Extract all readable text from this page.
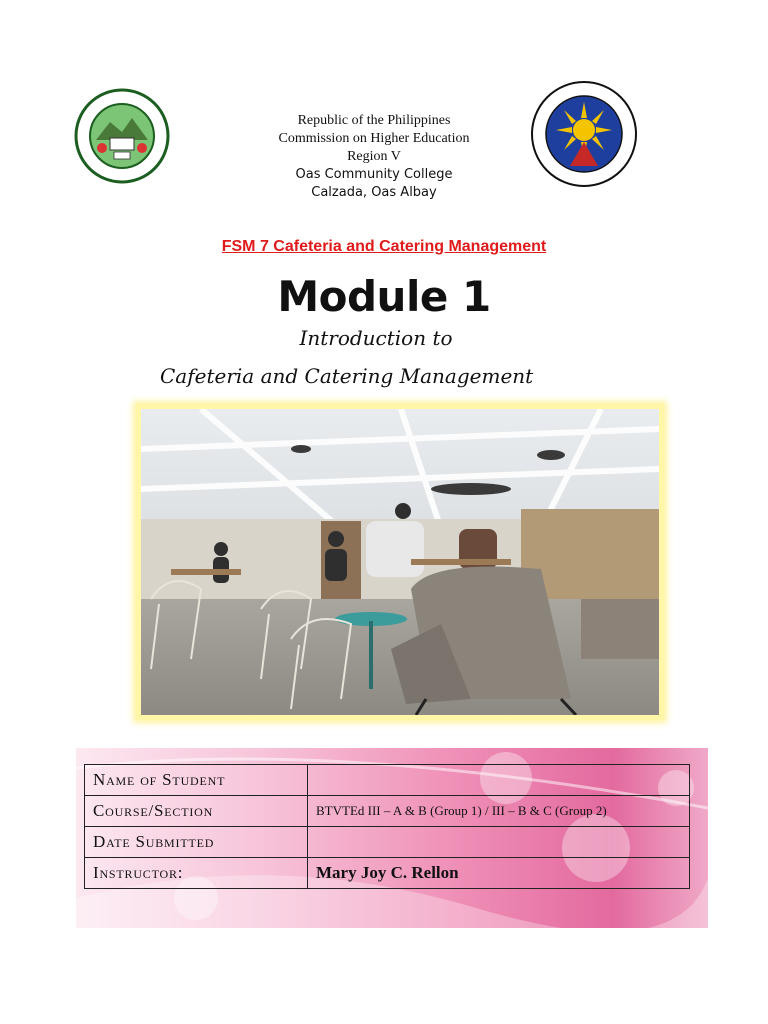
Republic of the Philippines
Commission on Higher Education
Region V
Oas Community College
Calzada, Oas Albay
FSM 7 Cafeteria and Catering Management
Module 1
Introduction to
Cafeteria and Catering Management
Name of Student	
Course/Section	BTVTEd III – A & B (Group 1) / III – B & C (Group 2)
Date Submitted	
Instructor:	Mary Joy C. Rellon
